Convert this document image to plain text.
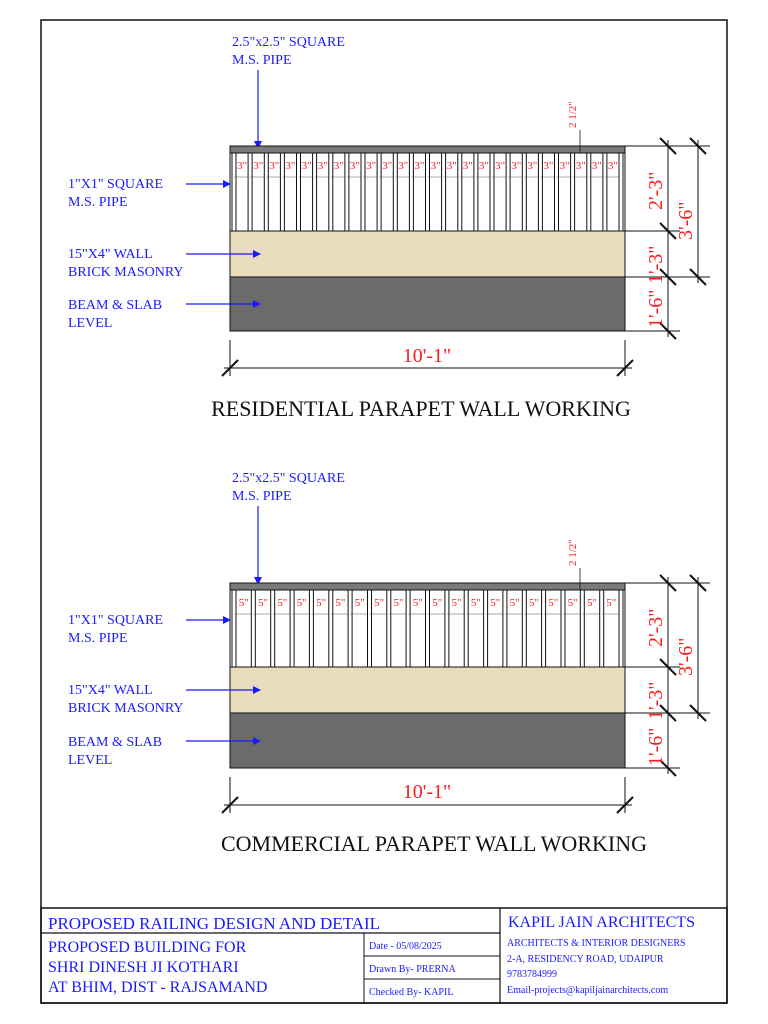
2.5"x2.5" SQUARE
M.S. PIPE
3" 3" 3" 3" 3" 3" 3" 3" 3" 3" 3" 3" 3" 3" 3" 3" 3" 3" 3" 3" 3" 3" 3" 3"
2 1/2"
1"X1" SQUARE
M.S. PIPE
15"X4" WALL
BRICK MASONRY
BEAM & SLAB
LEVEL
2'-3"
3'-6"
1'-3"
1'-6"
10'-1"
RESIDENTIAL PARAPET WALL WORKING
2.5"x2.5" SQUARE
M.S. PIPE
5" 5" 5" 5" 5" 5" 5" 5" 5" 5" 5" 5" 5" 5" 5" 5" 5" 5" 5" 5"
2 1/2"
1"X1" SQUARE
M.S. PIPE
15"X4" WALL
BRICK MASONRY
BEAM & SLAB
LEVEL
2'-3"
3'-6"
1'-3"
1'-6"
10'-1"
COMMERCIAL PARAPET WALL WORKING
PROPOSED RAILING DESIGN AND DETAIL
PROPOSED BUILDING FOR
SHRI DINESH JI KOTHARI
AT BHIM, DIST - RAJSAMAND
Date - 05/08/2025
Drawn By- PRERNA
Checked By- KAPIL
KAPIL JAIN ARCHITECTS
ARCHITECTS & INTERIOR DESIGNERS
2-A, RESIDENCY ROAD, UDAIPUR
9783784999
Email-projects@kapiljainarchitects.com
